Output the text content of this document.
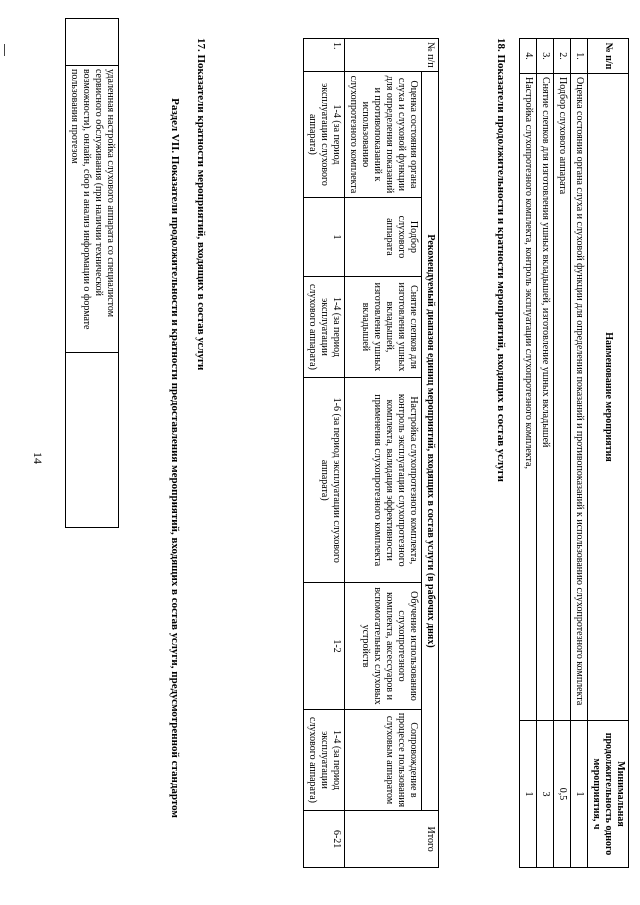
14
	удаленная настройка слухового аппарата со специалистом сервисного обслуживания (при наличии технической возможности), онлайн, сбор и анализ информации о формате пользования протезом		Раздел VII. Показатели продолжительности и кратности предоставления мероприятий, входящих в состав услуги, предусмотренной стандартом 17. Показатели кратности мероприятий, входящих в состав услуги	№ п/п	Рекомендуемый диапазон единиц мероприятий, входящих в состав услуги (в рабочих днях)						Итого
	Оценка состояния органа слуха и слуховой функции для определения показаний и противопоказаний к использованию слухопротезного комплекта	Подбор слухового аппарата	Снятие слепков для изготовления ушных вкладышей, изготовление ушных вкладышей	Настройка слухопротезного комплекта, контроль эксплуатации слухопротезного комплекта, валидация эффективности применения слухопротезного комплекта	Обучение использованию слухопротезного комплекта, аксессуаров и вспомогательных слуховых устройств	Сопровождение в процессе пользования слуховым аппаратом	
1.	1-4 (за период эксплуатации слухового аппарата)	1	1-4 (за период эксплуатации слухового аппарата)	1-6 (за период эксплуатации слухового аппарата)	1-2	1-4 (за период эксплуатации слухового аппарата)	6-21
18. Показатели продолжительности и кратности мероприятий, входящих в состав услуги	№ п/п	Наименование мероприятия	Минимальная продолжительность одного мероприятия, ч
1.	Оценка состояния органа слуха и слуховой функции для определения показаний и противопоказаний к использованию слухопротезного комплекта	1
2.	Подбор слухового аппарата	0,5
3.	Снятие слепков для изготовления ушных вкладышей, изготовление ушных вкладышей	3
4.	Настройка слухопротезного комплекта, контроль эксплуатации слухопротезного комплекта,	1
